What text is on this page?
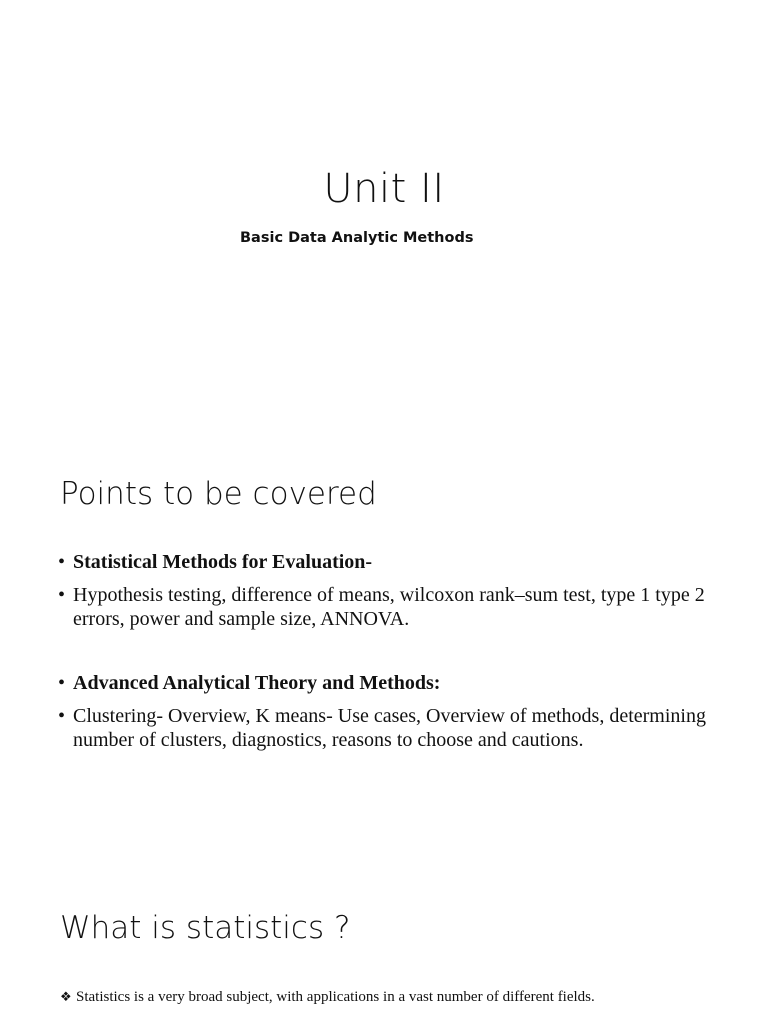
Unit II
Basic Data Analytic Methods
Points to be covered
• Statistical Methods for Evaluation-
• Hypothesis testing, difference of means, wilcoxon rank–sum test, type 1 type 2 errors, power and sample size, ANNOVA.
• Advanced Analytical Theory and Methods:
• Clustering- Overview, K means- Use cases, Overview of methods, determining number of clusters, diagnostics, reasons to choose and cautions.
What is statistics ?
❖ Statistics is a very broad subject, with applications in a vast number of different fields.
